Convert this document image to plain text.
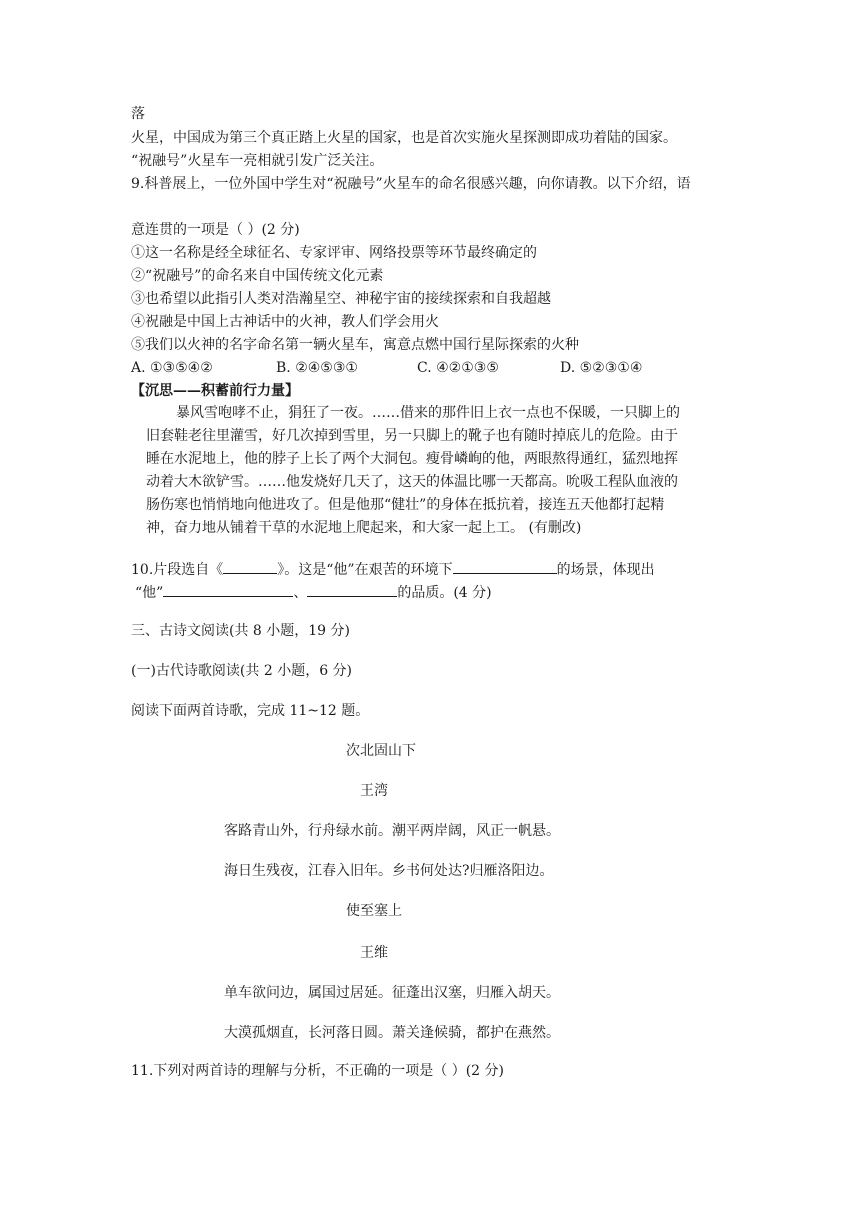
落
火星，中国成为第三个真正踏上火星的国家，也是首次实施火星探测即成功着陆的国家。
“祝融号”火星车一亮相就引发广泛关注。
9.科普展上，一位外国中学生对“祝融号”火星车的命名很感兴趣，向你请教。以下介绍，语
意连贯的一项是（ ）(2 分)
①这一名称是经全球征名、专家评审、网络投票等环节最终确定的
②“祝融号”的命名来自中国传统文化元素
③也希望以此指引人类对浩瀚星空、神秘宇宙的接续探索和自我超越
④祝融是中国上古神话中的火神，教人们学会用火
⑤我们以火神的名字命名第一辆火星车，寓意点燃中国行星际探索的火种
A. ①③⑤④②	B. ②④⑤③①	C. ④②①③⑤	D. ⑤②③①④
【沉思——积蓄前行力量】
暴风雪咆哮不止，狷狂了一夜。……借来的那件旧上衣一点也不保暖，一只脚上的
旧套鞋老往里灌雪，好几次掉到雪里，另一只脚上的靴子也有随时掉底儿的危险。由于
睡在水泥地上，他的脖子上长了两个大洞包。瘦骨嶙峋的他，两眼熬得通红，猛烈地挥
动着大木欲铲雪。……他发烧好几天了，这天的体温比哪一天都高。吮吸工程队血液的
肠伤寒也悄悄地向他进攻了。但是他那“健壮”的身体在抵抗着，接连五天他都打起精
神，奋力地从铺着干草的水泥地上爬起来，和大家一起上工。 (有删改)
10.片段选自《	》。这是“他”在艰苦的环境下	的场景，体现出
“他”	、	的品质。(4 分)
三、古诗文阅读(共 8 小题，19 分)
(一)古代诗歌阅读(共 2 小题，6 分)
阅读下面两首诗歌，完成 11~12 题。
次北固山下
王湾
客路青山外，行舟绿水前。潮平两岸阔，风正一帆悬。
海日生残夜，江春入旧年。乡书何处达?归雁洛阳边。
使至塞上
王维
单车欲问边，属国过居延。征蓬出汉塞，归雁入胡天。
大漠孤烟直，长河落日圆。萧关逢候骑，都护在燕然。
11.下列对两首诗的理解与分析，不正确的一项是（ ）(2 分)
